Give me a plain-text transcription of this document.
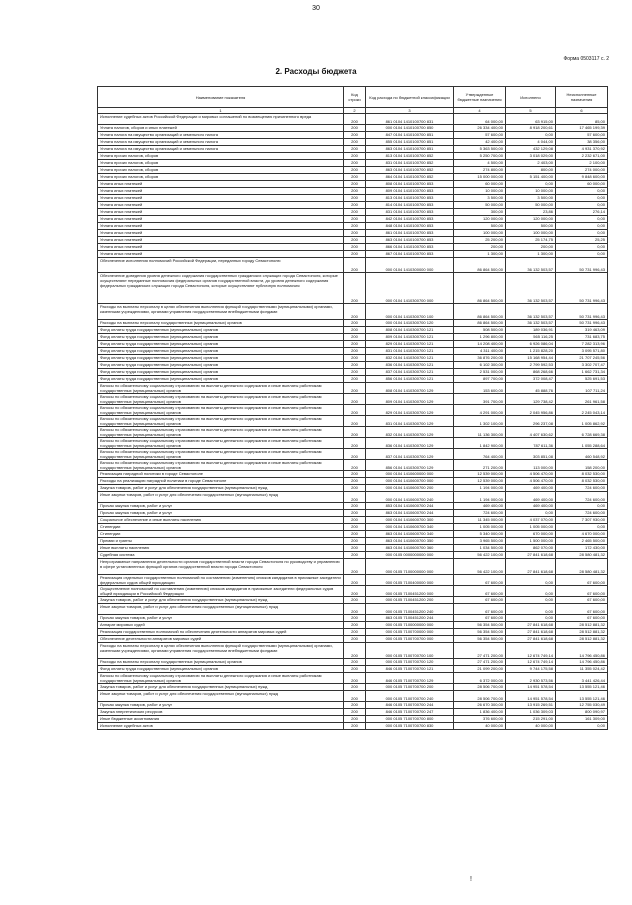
30
Форма 0503117 с. 2
2. Расходы бюджета
Наименование показателя	Код строки	Код расхода по бюджетной классификации	Утвержденные бюджетные назначения	Исполнено	Неисполненные назначения
1	2	3	4	5	6
Исполнение судебных актов Российской Федерации и мировых соглашений по возмещению причиненного вреда	200	861 0104 1410100700 831	64 000,00	63 915,00	85,00
Уплата налогов, сборов и иных платежей	200	000 0104 1410100700 850	26 334 400,00	8 918 200,61	17 465 199,39
Уплата налога на имущество организаций и земельного налога	200	847 0104 1410100700 851	57 600,00	0,00	57 600,00
Уплата налога на имущество организаций и земельного налога	200	855 0104 1410100700 851	42 400,00	4 044,00	38 356,00
Уплата налога на имущество организаций и земельного налога	200	863 0104 1410100700 851	5 363 500,00	432 129,08	4 931 370,92
Уплата прочих налогов, сборов	200	813 0104 1410100700 852	5 250 700,00	3 018 029,00	2 232 671,00
Уплата прочих налогов, сборов	200	831 0104 1410100700 852	4 500,00	2 403,00	2 100,00
Уплата прочих налогов, сборов	200	863 0104 1410100700 852	274 800,00	800,00	274 000,00
Уплата прочих налогов, сборов	200	864 0104 1410100700 852	15 000 000,00	5 151 400,00	9 848 600,00
Уплата иных платежей	200	808 0104 1410100700 853	60 000,00	0,00	60 000,00
Уплата иных платежей	200	809 0104 1410100700 853	10 000,00	10 000,00	0,00
Уплата иных платежей	200	813 0104 1410100700 853	3 500,00	3 500,00	0,00
Уплата иных платежей	200	814 0104 1410100700 853	50 000,00	50 000,00	0,00
Уплата иных платежей	200	831 0104 1410100700 853	300,00	23,86	276,14
Уплата иных платежей	200	842 0104 1410100700 853	120 000,00	120 000,00	0,00
Уплата иных платежей	200	848 0104 1410100700 853	500,00	500,00	0,00
Уплата иных платежей	200	861 0104 1410100700 853	100 000,00	100 000,00	0,00
Уплата иных платежей	200	863 0104 1410100700 853	25 200,00	25 174,75	25,25
Уплата иных платежей	200	866 0104 1410100700 853	200,00	200,00	0,00
Уплата иных платежей	200	867 0104 1410100700 853	1 300,00	1 300,00	0,00
Обеспечение исполнения полномочий Российской Федерации, переданных городу Севастополю	200	000 0104 1410300000 000	86 864 500,00	36 132 503,57	50 731 996,43
Обеспечение доведения уровня денежного содержания государственных гражданских служащих города Севастополя, которые осуществляют переданные полномочия федеральных органов государственной власти, до уровня денежного содержания федеральных гражданских служащих города Севастополя, которые осуществляют публичную полномочия	200	000 0104 1410300700 000	86 864 500,00	36 132 503,57	50 731 996,43
Расходы на выплаты персоналу в целях обеспечения выполнения функций государственными (муниципальными) органами, казенными учреждениями, органами управления государственными внебюджетными фондами	200	000 0104 1410300700 100	86 864 500,00	36 132 503,57	50 731 996,43
Расходы на выплаты персоналу государственных (муниципальных) органов	200	000 0104 1410300700 120	86 864 500,00	36 132 503,57	50 731 996,43
Фонд оплаты труда государственных (муниципальных) органов	200	808 0104 1410300700 121	508 500,00	189 036,91	319 463,09
Фонд оплаты труда государственных (муниципальных) органов	200	809 0104 1410300700 121	1 296 800,00	565 116,25	731 683,75
Фонд оплаты труда государственных (муниципальных) органов	200	829 0104 1410300700 121	14 208 400,00	6 926 086,04	7 282 313,96
Фонд оплаты труда государственных (муниципальных) органов	200	831 0104 1410300700 121	4 311 400,00	1 215 828,20	3 095 571,80
Фонд оплаты труда государственных (муниципальных) органов	200	832 0104 1410300700 121	36 876 200,00	15 168 954,44	21 707 245,56
Фонд оплаты труда государственных (муниципальных) органов	200	836 0104 1410300700 121	6 102 300,00	2 799 592,53	3 302 707,47
Фонд оплаты труда государственных (муниципальных) органов	200	837 0104 1410300700 121	2 531 000,00	868 268,66	1 662 731,34
Фонд оплаты труда государственных (муниципальных) органов	200	856 0104 1410300700 121	897 700,00	372 008,47	525 691,53
Взносы по обязательному социальному страхованию на выплаты денежного содержания и иные выплаты работникам государственных (муниципальных) органов	200	808 0104 1410300700 129	153 600,00	45 888,76	107 711,24
Взносы по обязательному социальному страхованию на выплаты денежного содержания и иные выплаты работникам государственных (муниципальных) органов	200	809 0104 1410300700 129	391 700,00	129 738,42	261 961,58
Взносы по обязательному социальному страхованию на выплаты денежного содержания и иные выплаты работникам государственных (муниципальных) органов	200	829 0104 1410300700 129	4 291 000,00	2 045 956,86	2 245 043,14
Взносы по обязательному социальному страхованию на выплаты денежного содержания и иные выплаты работникам государственных (муниципальных) органов	200	831 0104 1410300700 129	1 302 100,00	296 237,08	1 005 862,92
Взносы по обязательному социальному страхованию на выплаты денежного содержания и иные выплаты работникам государственных (муниципальных) органов	200	832 0104 1410300700 129	11 136 300,00	4 407 630,62	6 728 669,38
Взносы по обязательному социальному страхованию на выплаты денежного содержания и иные выплаты работникам государственных (муниципальных) органов	200	836 0104 1410300700 129	1 842 900,00	787 611,36	1 055 288,64
Взносы по обязательному социальному страхованию на выплаты денежного содержания и иные выплаты работникам государственных (муниципальных) органов	200	837 0104 1410300700 129	764 400,00	303 851,08	460 548,92
Взносы по обязательному социальному страхованию на выплаты денежного содержания и иные выплаты работникам государственных (муниципальных) органов	200	856 0104 1410300700 129	271 200,00	113 000,00	158 200,00
Реализация наградной политики в городе Севастополе	200	000 0104 1410600000 000	12 539 000,00	4 506 470,00	8 032 530,00
Расходы на реализацию наградной политики в городе Севастополе	200	000 0104 1410600700 000	12 539 000,00	4 506 470,00	8 032 530,00
Закупка товаров, работ и услуг для обеспечения государственных (муниципальных) нужд	200	000 0104 1410600700 200	1 194 000,00	469 400,00	724 600,00
Иные закупки товаров, работ и услуг для обеспечения государственных (муниципальных) нужд	200	000 0104 1410600700 240	1 194 000,00	469 400,00	724 600,00
Прочая закупка товаров, работ и услуг	200	853 0104 1410600700 244	469 400,00	469 400,00	0,00
Прочая закупка товаров, работ и услуг	200	863 0104 1410600700 244	724 600,00	0,00	724 600,00
Социальное обеспечение и иные выплаты населению	200	000 0104 1410600700 300	11 345 000,00	4 037 070,00	7 307 930,00
Стипендии	200	000 0104 1410600700 340	1 005 000,00	1 005 000,00	0,00
Стипендии	200	863 0104 1410600700 340	5 340 000,00	670 000,00	4 670 000,00
Премии и гранты	200	863 0104 1410600700 350	3 965 500,00	1 500 000,00	2 465 500,00
Иные выплаты населению	200	863 0104 1410600700 360	1 034 500,00	862 070,00	172 430,00
Судебная система	200	000 0105 0000000000 000	56 422 100,00	27 841 618,68	28 580 481,32
Непрограммные направления деятельности органов государственной власти города Севастополя по руководству и управлению в сфере установленных функций органов государственной власти города Севастополя	200	000 0105 7100000000 000	56 422 100,00	27 841 618,68	28 580 481,32
Реализация отдельных государственных полномочий по составлению (изменению) списков кандидатов в присяжные заседатели федеральных судов общей юрисдикции	200	000 0105 7100400000 000	67 600,00	0,00	67 600,00
Осуществление полномочий по составлению (изменению) списков кандидатов в присяжные заседатели федеральных судов общей юрисдикции в Российской Федерации	200	000 0105 7100451200 000	67 600,00	0,00	67 600,00
Закупка товаров, работ и услуг для обеспечения государственных (муниципальных) нужд	200	000 0105 7100451200 200	67 600,00	0,00	67 600,00
Иные закупки товаров, работ и услуг для обеспечения государственных (муниципальных) нужд	200	000 0105 7100451200 240	67 600,00	0,00	67 600,00
Прочая закупка товаров, работ и услуг	200	863 0105 7100451200 244	67 600,00	0,00	67 600,00
Аппарат мировых судей	200	000 0105 7100000000 000	56 354 500,00	27 841 618,68	28 512 881,32
Реализация государственных полномочий по обеспечению деятельности аппаратов мировых судей	200	000 0105 7100700000 000	56 354 500,00	27 841 618,68	28 512 881,32
Обеспечение деятельности аппаратов мировых судей	200	000 0105 7100700700 000	56 354 500,00	27 841 618,68	28 512 881,32
Расходы на выплаты персоналу в целях обеспечения выполнения функций государственными (муниципальными) органами, казенными учреждениями, органами управления государственными внебюджетными фондами	200	000 0105 7100700700 100	27 471 200,00	12 674 749,14	14 796 450,86
Расходы на выплаты персоналу государственных (муниципальных) органов	200	000 0105 7100700700 120	27 471 200,00	12 674 749,14	14 796 450,86
Фонд оплаты труда государственных (муниципальных) органов	200	846 0105 7100700700 121	21 099 200,00	9 744 175,58	11 355 024,42
Взносы по обязательному социальному страхованию на выплаты денежного содержания и иные выплаты работникам государственных (муниципальных) органов	200	846 0105 7100700700 129	6 372 000,00	2 930 573,56	3 441 426,44
Закупка товаров, работ и услуг для обеспечения государственных (муниципальных) нужд	200	000 0105 7100700700 200	28 506 700,00	14 951 578,54	13 555 121,46
Иные закупки товаров, работ и услуг для обеспечения государственных (муниципальных) нужд	200	000 0105 7100700700 240	28 506 700,00	14 951 578,54	13 555 121,46
Прочая закупка товаров, работ и услуг	200	846 0105 7100700700 244	26 670 300,00	13 915 269,51	12 755 030,49
Закупка энергетических ресурсов	200	846 0105 7100700700 247	1 836 400,00	1 036 309,03	800 090,97
Иные бюджетные ассигнования	200	000 0105 7100700700 800	376 600,00	215 291,00	161 309,00
Исполнение судебных актов	200	000 0105 7100700700 830	40 000,00	40 000,00	0,00
ǃ
